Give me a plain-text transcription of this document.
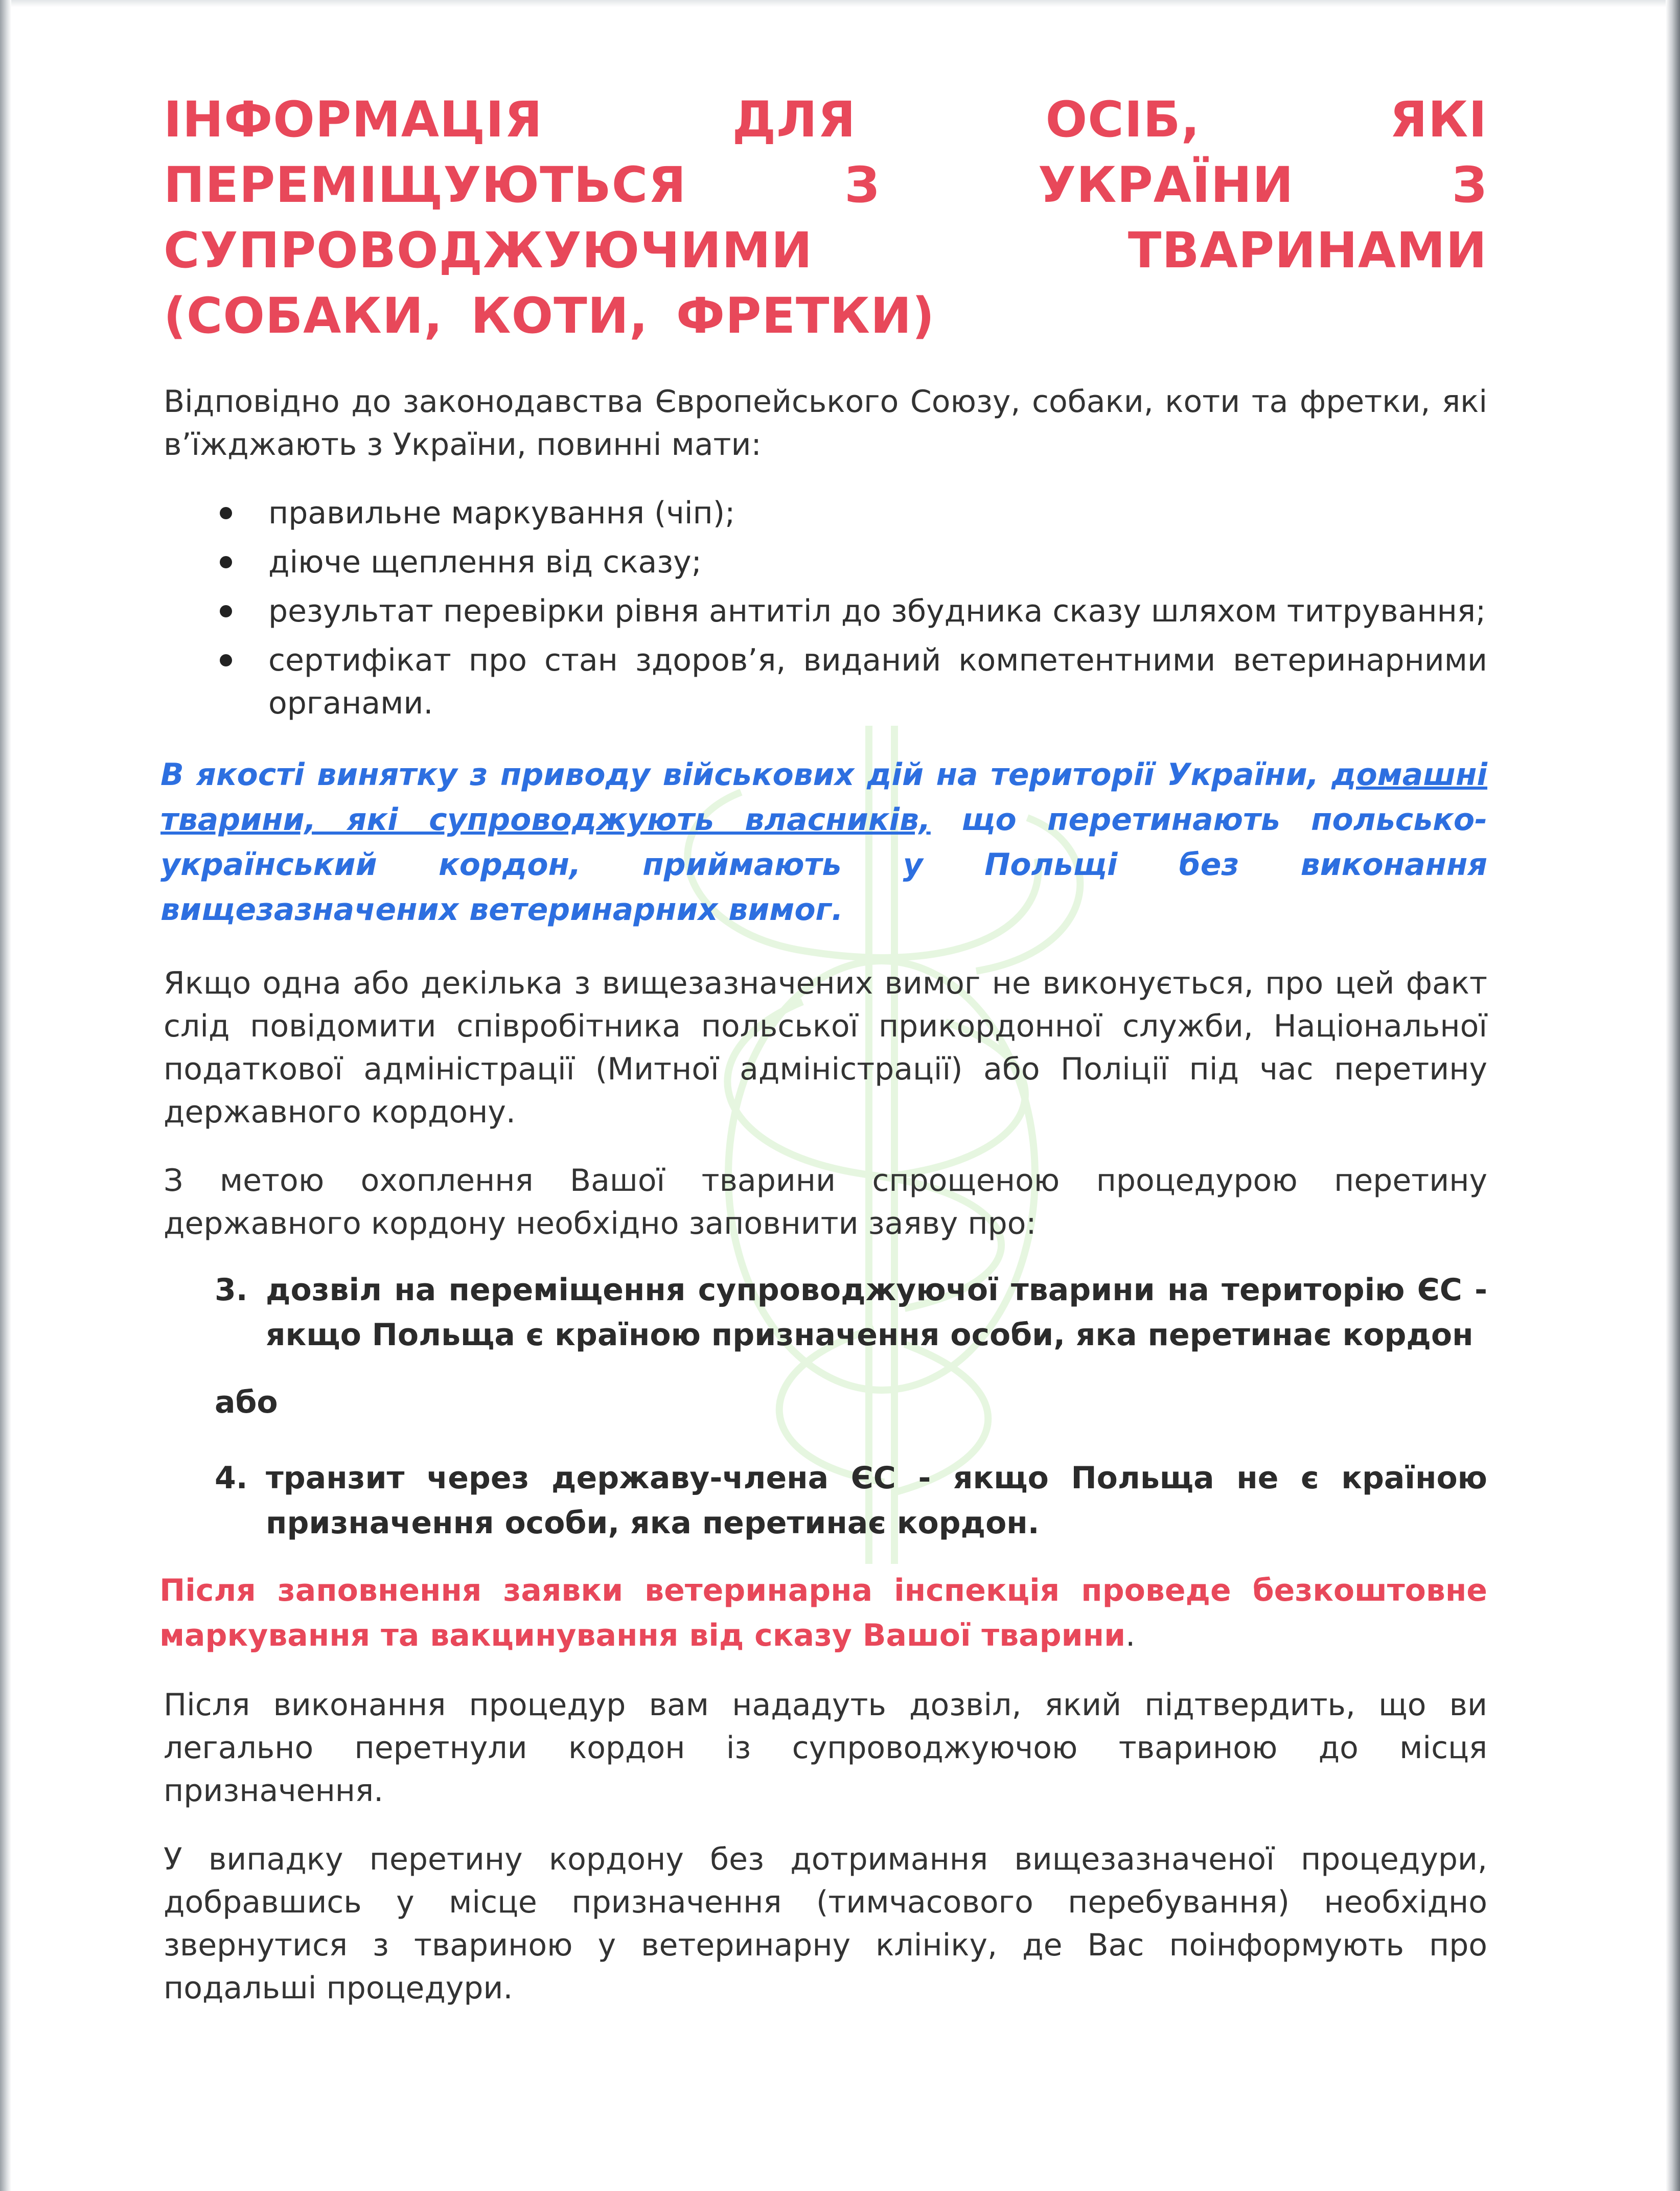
ІНФОРМАЦІЯ ДЛЯ ОСІБ, ЯКІ ПЕРЕМІЩУЮТЬСЯ З УКРАЇНИ З СУПРОВОДЖУЮЧИМИ ТВАРИНАМИ (СОБАКИ, КОТИ, ФРЕТКИ)

Відповідно до законодавства Європейського Союзу, собаки, коти та фретки, які в’їжджають з України, повинні мати:

правильне маркування (чіп);
діюче щеплення від сказу;
результат перевірки рівня антитіл до збудника сказу шляхом титрування;
сертифікат про стан здоров’я, виданий компетентними ветеринарними органами.

В якості винятку з приводу військових дій на території України, домашні тварини, які супроводжують власників, що перетинають польсько-український кордон, приймають у Польщі без виконання вищезазначених ветеринарних вимог.

Якщо одна або декілька з вищезазначених вимог не виконується, про цей факт слід повідомити співробітника польської прикордонної служби, Національної податкової адміністрації (Митної адміністрації) або Поліції під час перетину державного кордону.

З метою охоплення Вашої тварини спрощеною процедурою перетину державного кордону необхідно заповнити заяву про:

3. дозвіл на переміщення супроводжуючої тварини на територію ЄС - якщо Польща є країною призначення особи, яка перетинає кордон
або
4. транзит через державу-члена ЄС - якщо Польща не є країною призначення особи, яка перетинає кордон.

Після заповнення заявки ветеринарна інспекція проведе безкоштовне маркування та вакцинування від сказу Вашої тварини.

Після виконання процедур вам нададуть дозвіл, який підтвердить, що ви легально перетнули кордон із супроводжуючою твариною до місця призначення.

У випадку перетину кордону без дотримання вищезазначеної процедури, добравшись у місце призначення (тимчасового перебування) необхідно звернутися з твариною у ветеринарну клініку, де Вас поінформують про подальші процедури.
